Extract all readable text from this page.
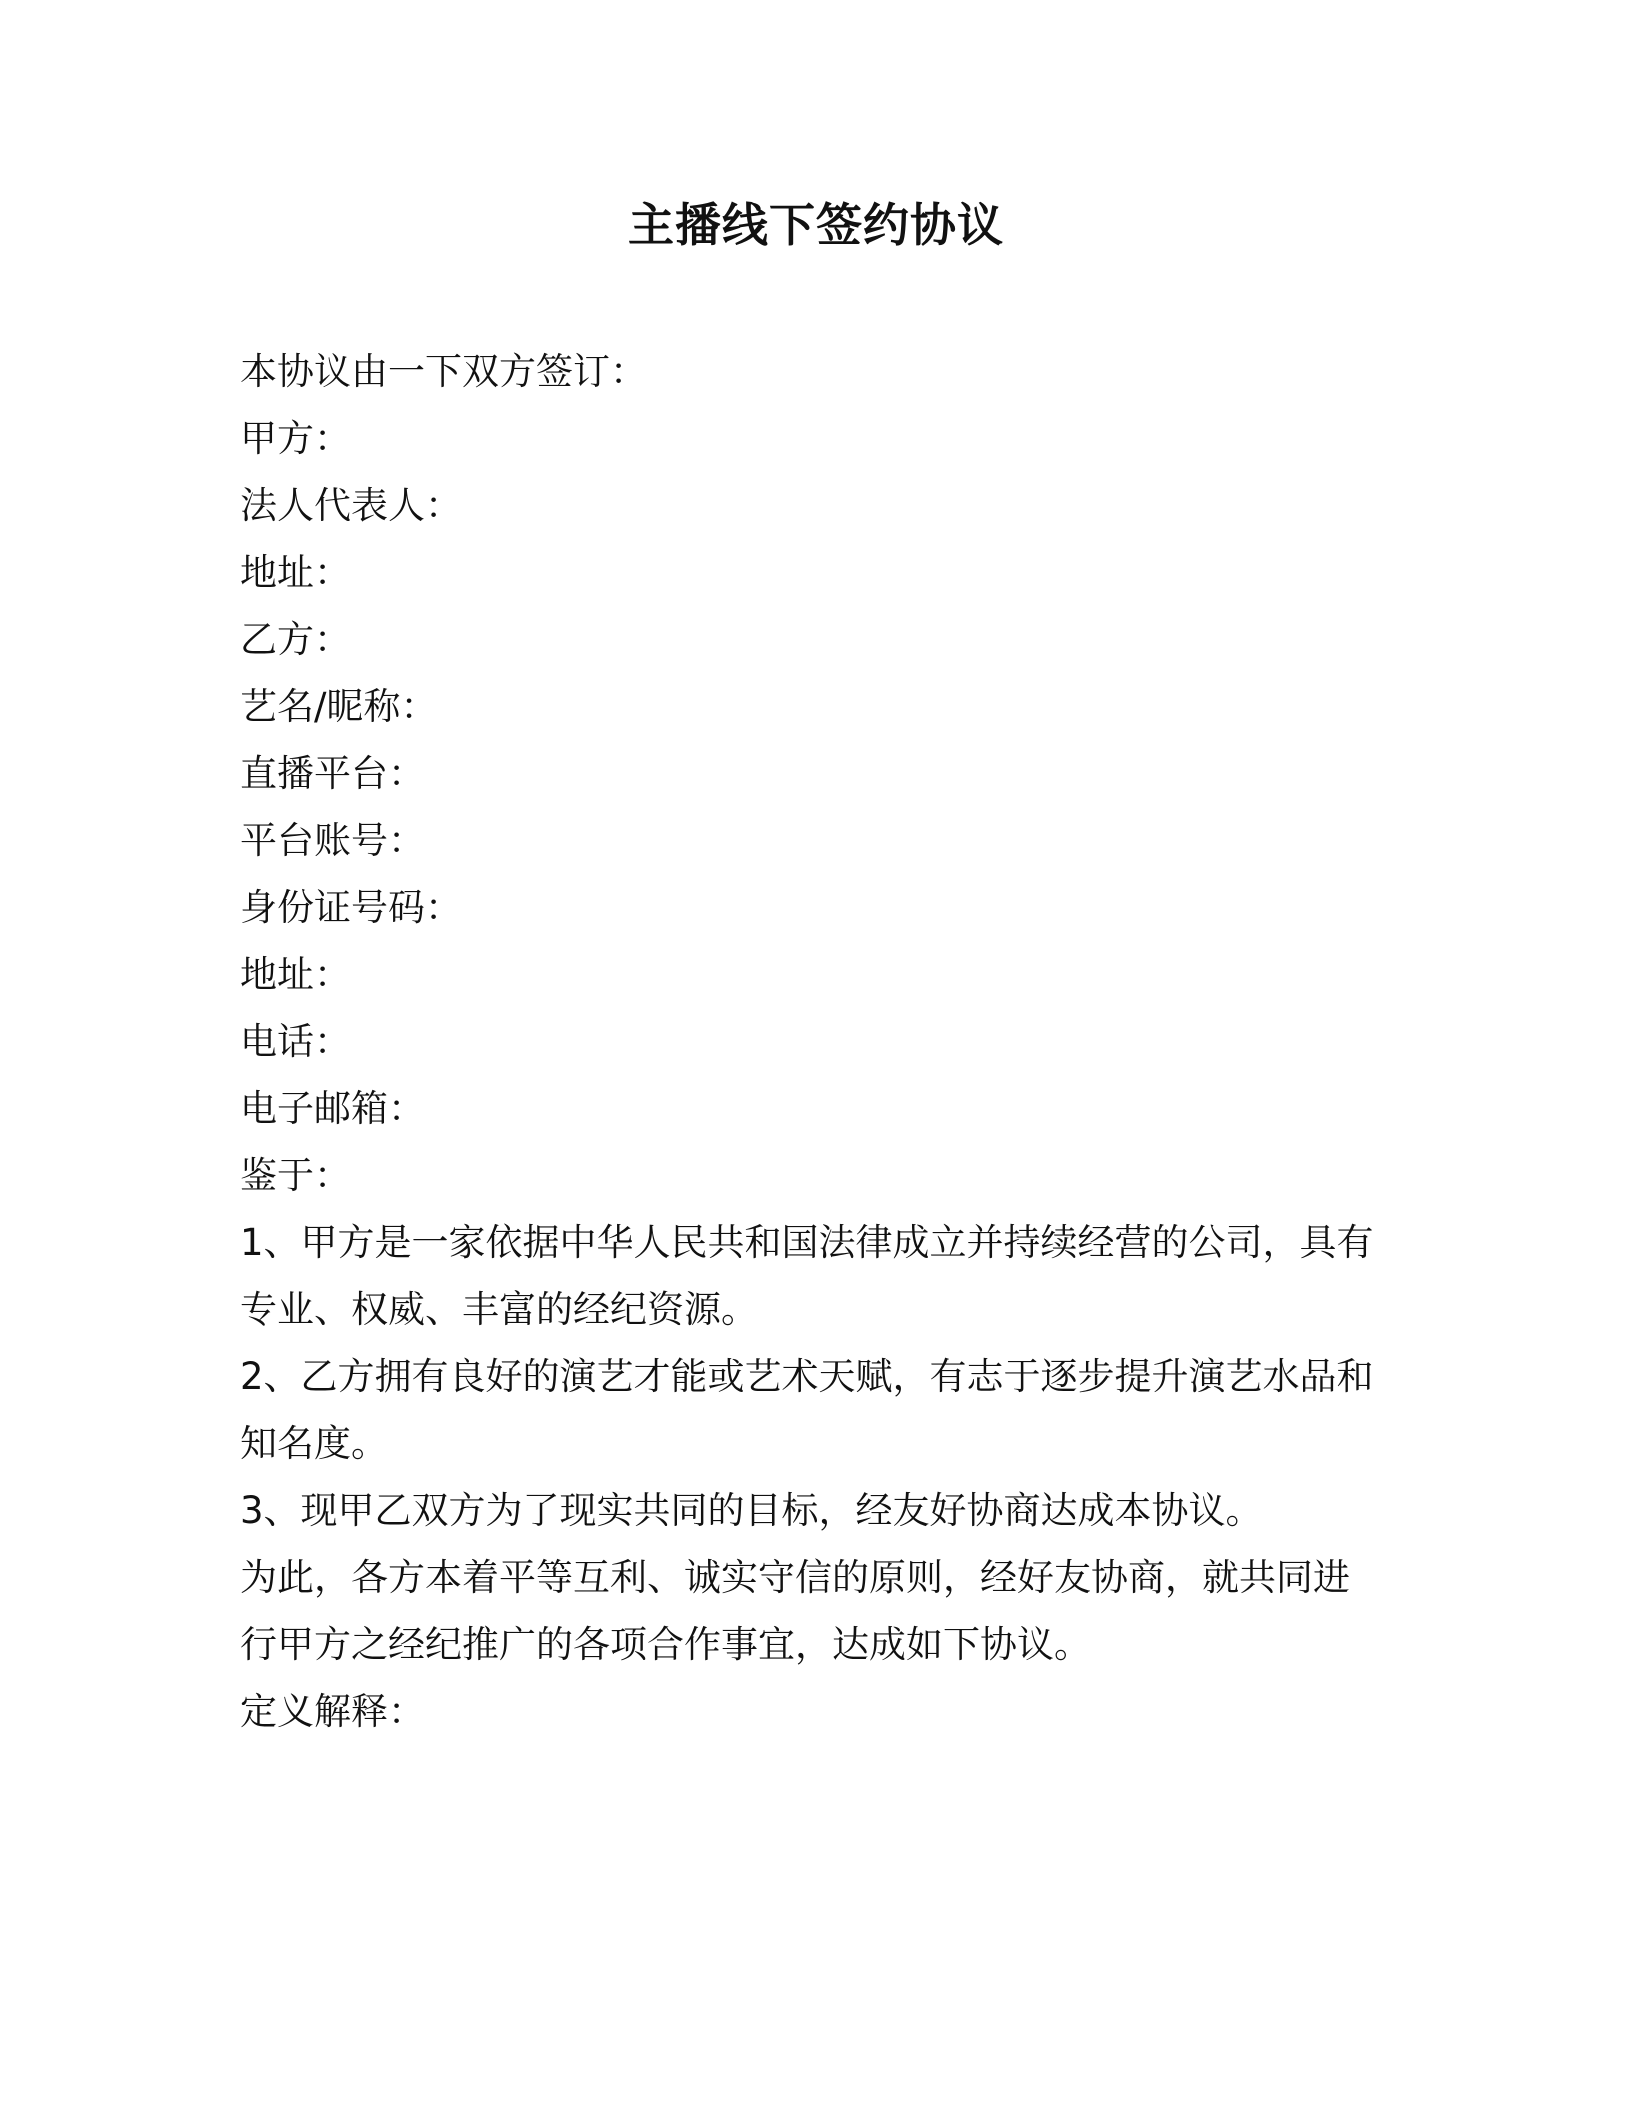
主播线下签约协议
本协议由一下双方签订：
甲方：
法人代表人：
地址：
乙方：
艺名/昵称：
直播平台：
平台账号：
身份证号码：
地址：
电话：
电子邮箱：
鉴于：
1、甲方是一家依据中华人民共和国法律成立并持续经营的公司，具有
专业、权威、丰富的经纪资源。
2、乙方拥有良好的演艺才能或艺术天赋，有志于逐步提升演艺水品和
知名度。
3、现甲乙双方为了现实共同的目标，经友好协商达成本协议。
为此，各方本着平等互利、诚实守信的原则，经好友协商，就共同进
行甲方之经纪推广的各项合作事宜，达成如下协议。
定义解释：
